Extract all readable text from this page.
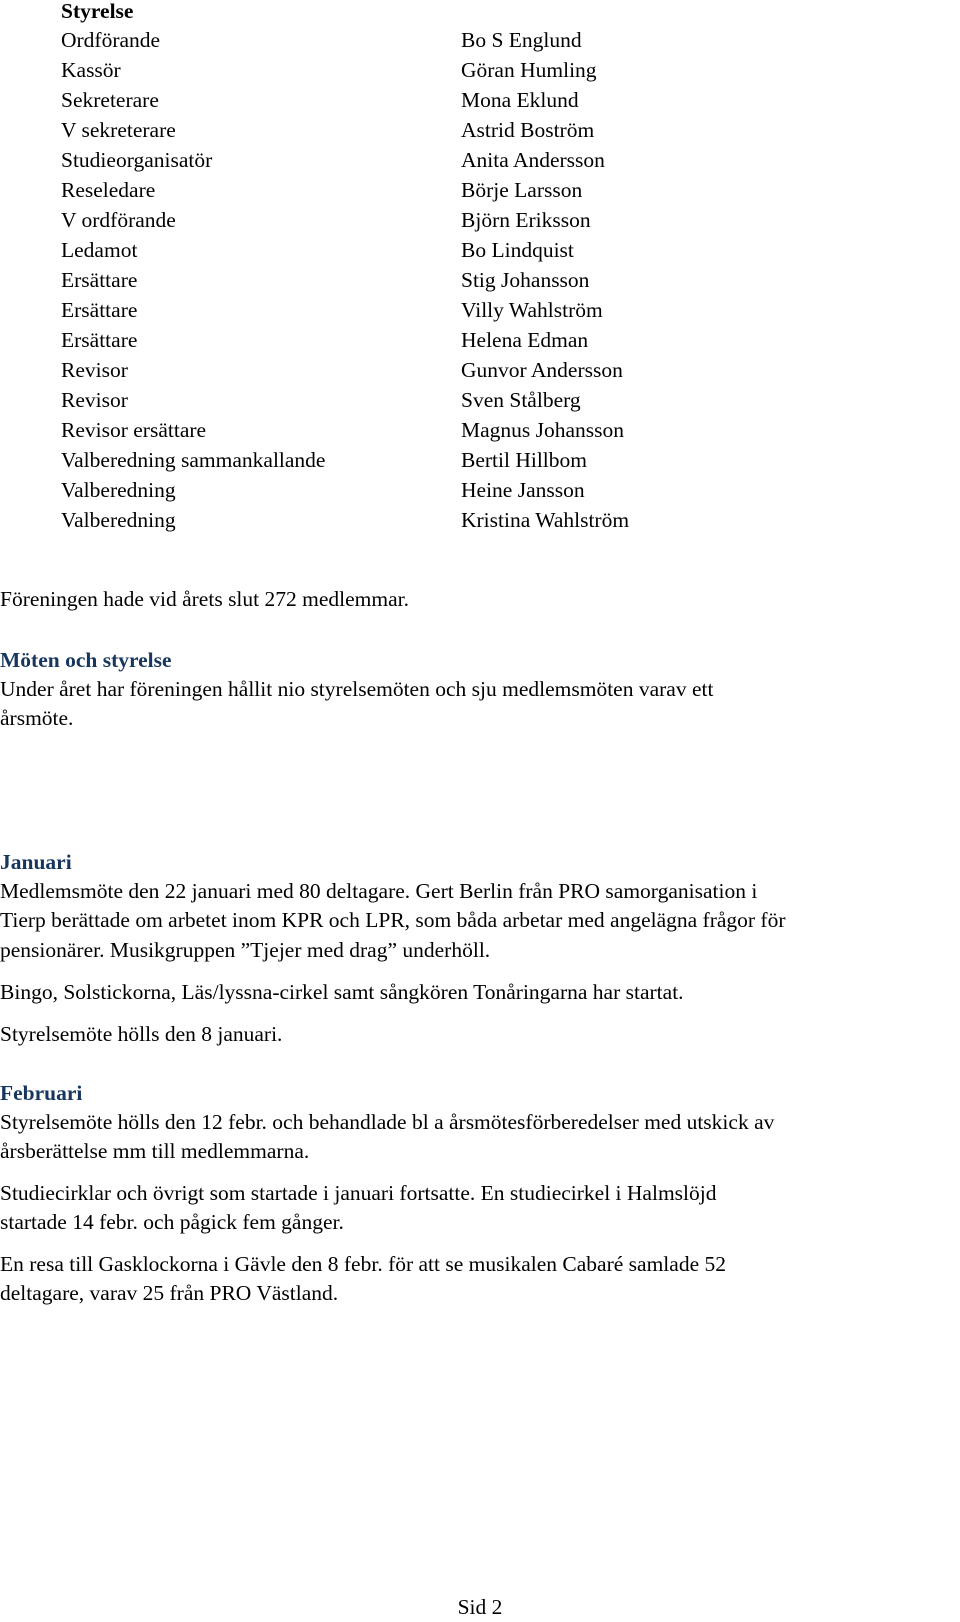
Styrelse
Ordförande
Kassör
Sekreterare
V sekreterare
Studieorganisatör
Reseledare
V ordförande
Ledamot
Ersättare
Ersättare
Ersättare
Revisor
Revisor
Revisor ersättare
Valberedning sammankallande
Valberedning
Valberedning
Bo S Englund
Göran Humling
Mona Eklund
Astrid Boström
Anita Andersson
Börje Larsson
Björn Eriksson
Bo Lindquist
Stig Johansson
Villy Wahlström
Helena Edman
Gunvor Andersson
Sven Stålberg
Magnus Johansson
Bertil Hillbom
Heine Jansson
Kristina Wahlström

Föreningen hade vid årets slut 272 medlemmar.

Möten och styrelse

Under året har föreningen hållit nio styrelsemöten och sju medlemsmöten varav ett

årsmöte.

Januari

Medlemsmöte den 22 januari med 80 deltagare. Gert Berlin från PRO samorganisation i

Tierp berättade om arbetet inom KPR och LPR, som båda arbetar med angelägna frågor för

pensionärer. Musikgruppen ”Tjejer med drag” underhöll.

Bingo, Solstickorna, Läs/lyssna-cirkel samt sångkören Tonåringarna har startat.

Styrelsemöte hölls den 8 januari.

Februari

Styrelsemöte hölls den 12 febr. och behandlade bl a årsmötesförberedelser med utskick av

årsberättelse mm till medlemmarna.

Studiecirklar och övrigt som startade i januari fortsatte. En studiecirkel i Halmslöjd

startade 14 febr. och pågick fem gånger.

En resa till Gasklockorna i Gävle den 8 febr. för att se musikalen Cabaré samlade 52

deltagare, varav 25 från PRO Västland.

Sid 2
